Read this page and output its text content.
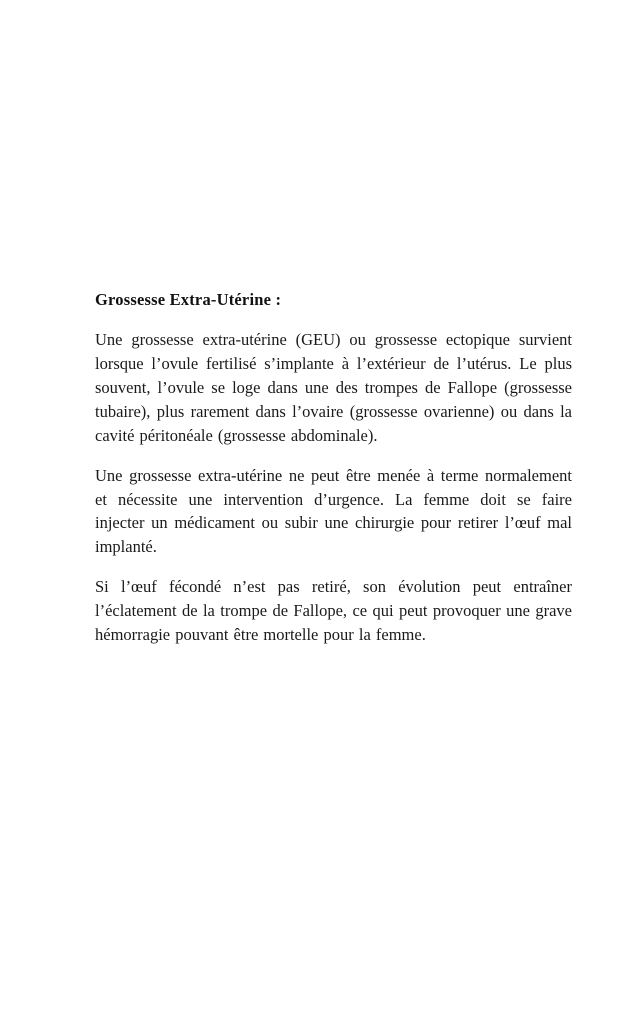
Grossesse Extra-Utérine :

Une grossesse extra-utérine (GEU) ou grossesse ectopique survient lorsque l’ovule fertilisé s’implante à l’extérieur de l’utérus. Le plus souvent, l’ovule se loge dans une des trompes de Fallope (grossesse tubaire), plus rarement dans l’ovaire (grossesse ovarienne) ou dans la cavité péritonéale (grossesse abdominale).

Une grossesse extra-utérine ne peut être menée à terme normalement et nécessite une intervention d’urgence. La femme doit se faire injecter un médicament ou subir une chirurgie pour retirer l’œuf mal implanté.

Si l’œuf fécondé n’est pas retiré, son évolution peut entraîner l’éclatement de la trompe de Fallope, ce qui peut provoquer une grave hémorragie pouvant être mortelle pour la femme.
